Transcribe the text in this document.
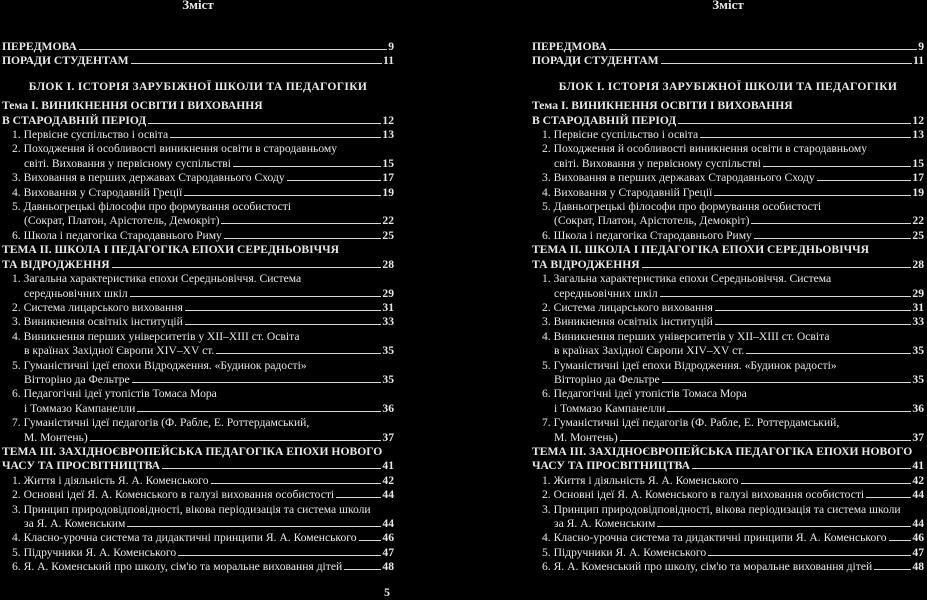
Зміст
ПЕРЕДМОВА	9
ПОРАДИ СТУДЕНТАМ	11
БЛОК І. ІСТОРІЯ ЗАРУБІЖНОЇ ШКОЛИ ТА ПЕДАГОГІКИ
Тема I. ВИНИКНЕННЯ ОСВІТИ І ВИХОВАННЯ
В СТАРОДАВНІЙ ПЕРІОД	12
1. Первісне суспільство і освіта	13
2. Походження й особливості виникнення освіти в стародавньому
світі. Виховання у первісному суспільстві	15
3. Виховання в перших державах Стародавнього Сходу	17
4. Виховання у Стародавній Греції	19
5. Давньогрецькі філософи про формування особистості
(Сократ, Платон, Арістотель, Демокріт)	22
6. Школа і педагогіка Стародавнього Риму	25
ТЕМА II. ШКОЛА І ПЕДАГОГІКА ЕПОХИ СЕРЕДНЬОВІЧЧЯ
ТА ВІДРОДЖЕННЯ	28
1. Загальна характеристика епохи Середньовіччя. Система
середньовічних шкіл	29
2. Система лицарського виховання	31
3. Виникнення освітніх інституцій	33
4. Виникнення перших університетів у XII–XIII ст. Освіта
в країнах Західної Європи XIV–XV ст.	35
5. Гуманістичні ідеї епохи Відродження. «Будинок радості»
Вітторіно да Фельтре	35
6. Педагогічні ідеї утопістів Томаса Мора
і Томмазо Кампанелли	36
7. Гуманістичні ідеї педагогів (Ф. Рабле, Е. Роттердамський,
М. Монтень)	37
ТЕМА III. ЗАХІДНОЄВРОПЕЙСЬКА ПЕДАГОГІКА ЕПОХИ НОВОГО
ЧАСУ ТА ПРОСВІТНИЦТВА	41
1. Життя і діяльність Я. А. Коменського	42
2. Основні ідеї Я. А. Коменського в галузі виховання особистості	44
3. Принцип природовідповідності, вікова періодизація та система школи
за Я. А. Коменським	44
4. Класно-урочна система та дидактичні принципи Я. А. Коменського 46
5. Підручники Я. А. Коменського	47
6. Я. А. Коменський про школу, сім'ю та моральне виховання дітей	48
5
Зміст
ПЕРЕДМОВА	9
ПОРАДИ СТУДЕНТАМ	11
БЛОК І. ІСТОРІЯ ЗАРУБІЖНОЇ ШКОЛИ ТА ПЕДАГОГІКИ
Тема I. ВИНИКНЕННЯ ОСВІТИ І ВИХОВАННЯ
В СТАРОДАВНІЙ ПЕРІОД	12
1. Первісне суспільство і освіта	13
2. Походження й особливості виникнення освіти в стародавньому
світі. Виховання у первісному суспільстві	15
3. Виховання в перших державах Стародавнього Сходу	17
4. Виховання у Стародавній Греції	19
5. Давньогрецькі філософи про формування особистості
(Сократ, Платон, Арістотель, Демокріт)	22
6. Школа і педагогіка Стародавнього Риму	25
ТЕМА II. ШКОЛА І ПЕДАГОГІКА ЕПОХИ СЕРЕДНЬОВІЧЧЯ
ТА ВІДРОДЖЕННЯ	28
1. Загальна характеристика епохи Середньовіччя. Система
середньовічних шкіл	29
2. Система лицарського виховання	31
3. Виникнення освітніх інституцій	33
4. Виникнення перших університетів у XII–XIII ст. Освіта
в країнах Західної Європи XIV–XV ст.	35
5. Гуманістичні ідеї епохи Відродження. «Будинок радості»
Вітторіно да Фельтре	35
6. Педагогічні ідеї утопістів Томаса Мора
і Томмазо Кампанелли	36
7. Гуманістичні ідеї педагогів (Ф. Рабле, Е. Роттердамський,
М. Монтень)	37
ТЕМА III. ЗАХІДНОЄВРОПЕЙСЬКА ПЕДАГОГІКА ЕПОХИ НОВОГО
ЧАСУ ТА ПРОСВІТНИЦТВА	41
1. Життя і діяльність Я. А. Коменського	42
2. Основні ідеї Я. А. Коменського в галузі виховання особистості	44
3. Принцип природовідповідності, вікова періодизація та система школи
за Я. А. Коменським	44
4. Класно-урочна система та дидактичні принципи Я. А. Коменського 46
5. Підручники Я. А. Коменського	47
6. Я. А. Коменський про школу, сім'ю та моральне виховання дітей	48
